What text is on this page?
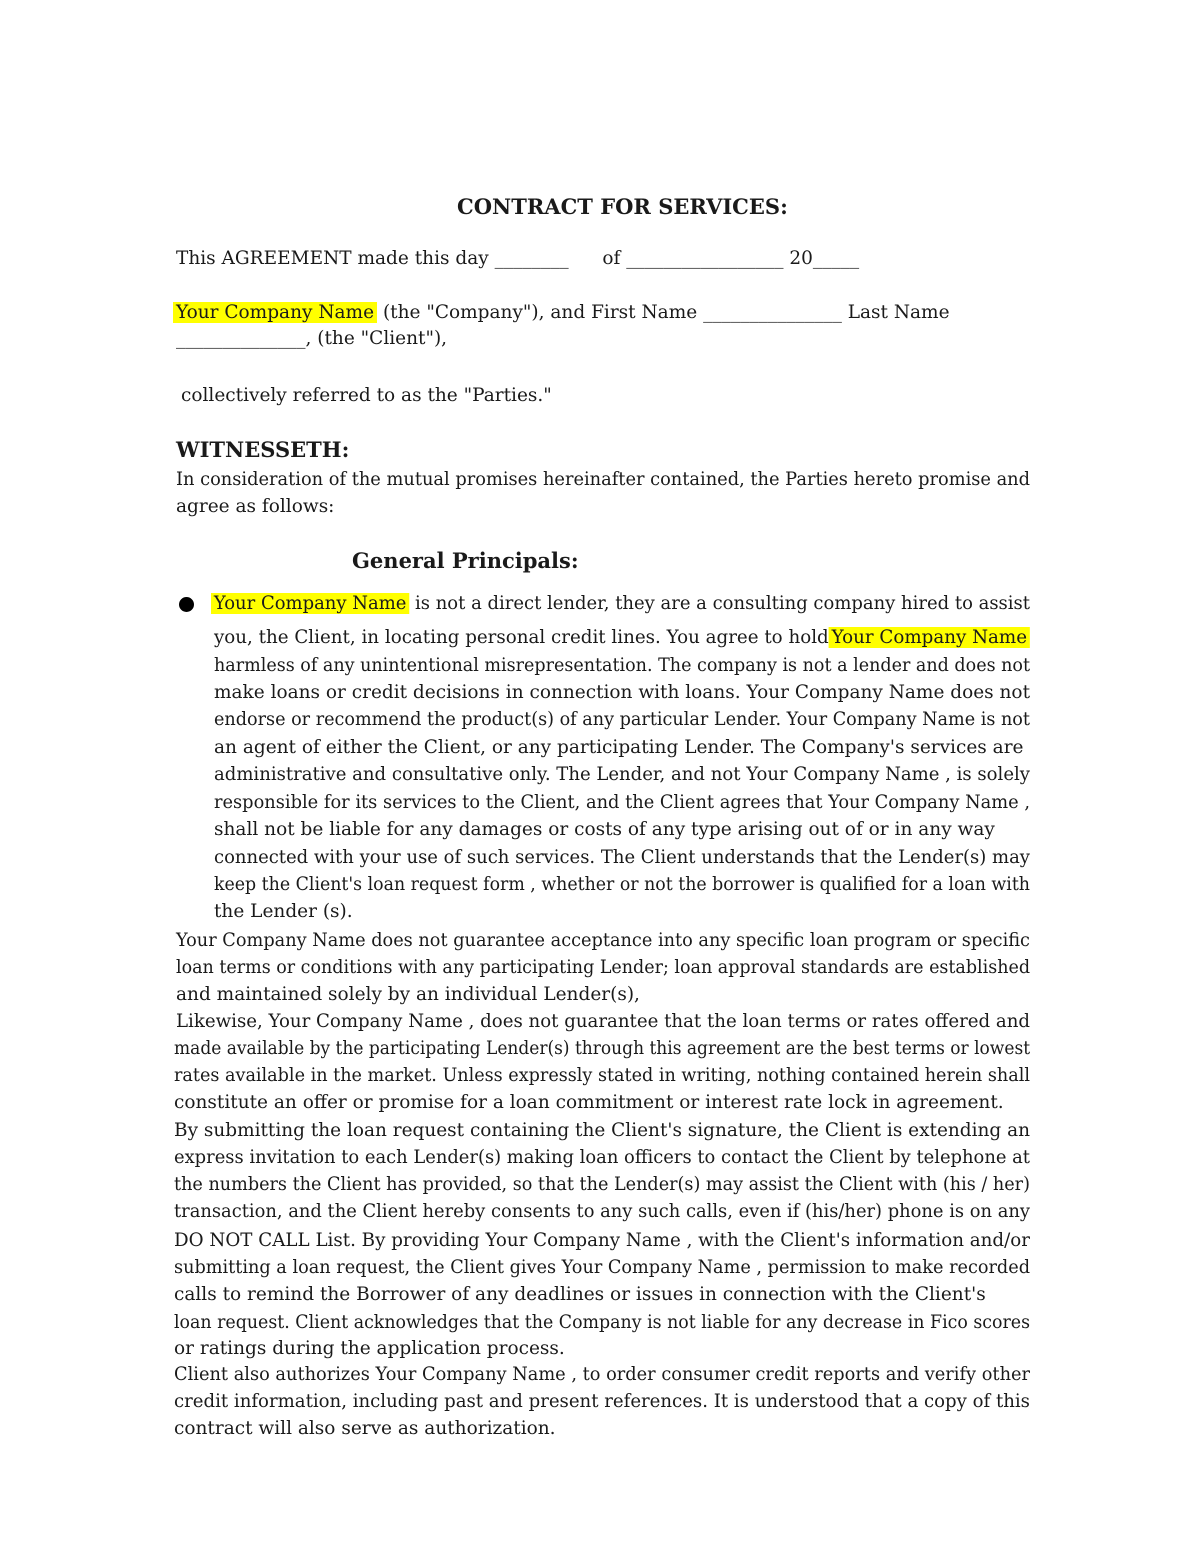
CONTRACT FOR SERVICES:
This AGREEMENT made this day ________ of _________________ 20_____
Your Company Name (the "Company"), and First Name _______________ Last Name
______________, (the "Client"),
collectively referred to as the "Parties."
WITNESSETH:
In consideration of the mutual promises hereinafter contained, the Parties hereto promise and
agree as follows:
General Principals:
Your Company Name is not a direct lender, they are a consulting company hired to assist
you, the Client, in locating personal credit lines. You agree to hold Your Company Name
harmless of any unintentional misrepresentation. The company is not a lender and does not
make loans or credit decisions in connection with loans. Your Company Name does not
endorse or recommend the product(s) of any particular Lender. Your Company Name is not
an agent of either the Client, or any participating Lender. The Company's services are
administrative and consultative only. The Lender, and not Your Company Name , is solely
responsible for its services to the Client, and the Client agrees that Your Company Name ,
shall not be liable for any damages or costs of any type arising out of or in any way
connected with your use of such services. The Client understands that the Lender(s) may
keep the Client's loan request form , whether or not the borrower is qualified for a loan with
the Lender (s).
Your Company Name does not guarantee acceptance into any specific loan program or specific
loan terms or conditions with any participating Lender; loan approval standards are established
and maintained solely by an individual Lender(s),
Likewise, Your Company Name , does not guarantee that the loan terms or rates offered and
made available by the participating Lender(s) through this agreement are the best terms or lowest
rates available in the market. Unless expressly stated in writing, nothing contained herein shall
constitute an offer or promise for a loan commitment or interest rate lock in agreement.
By submitting the loan request containing the Client's signature, the Client is extending an
express invitation to each Lender(s) making loan officers to contact the Client by telephone at
the numbers the Client has provided, so that the Lender(s) may assist the Client with (his / her)
transaction, and the Client hereby consents to any such calls, even if (his/her) phone is on any
DO NOT CALL List. By providing Your Company Name , with the Client's information and/or
submitting a loan request, the Client gives Your Company Name , permission to make recorded
calls to remind the Borrower of any deadlines or issues in connection with the Client's
loan request. Client acknowledges that the Company is not liable for any decrease in Fico scores
or ratings during the application process.
Client also authorizes Your Company Name , to order consumer credit reports and verify other
credit information, including past and present references. It is understood that a copy of this
contract will also serve as authorization.
